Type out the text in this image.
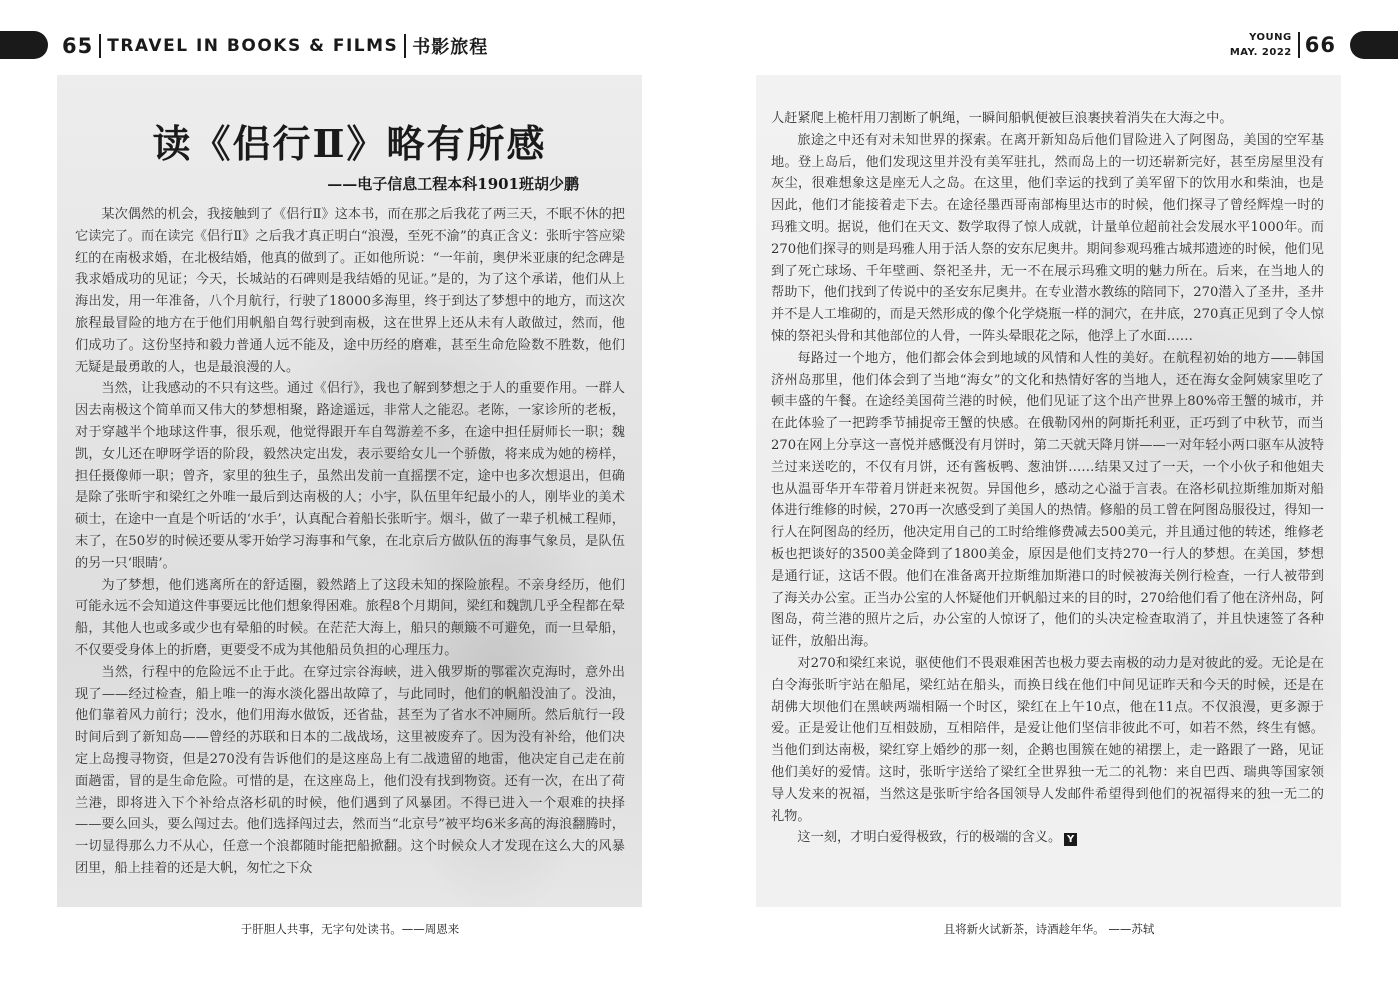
65 TRAVEL IN BOOKS & FILMS 书影旅程	YOUNG
MAY. 2022 66
读《侣行Ⅱ》略有所感
——电子信息工程本科1901班胡少鹏

某次偶然的机会，我接触到了《侣行Ⅱ》这本书，而在那之后我花了两三天，不眠不休的把它读完了。而在读完《侣行Ⅱ》之后我才真正明白“浪漫，至死不渝”的真正含义：张昕宇答应梁红的在南极求婚，在北极结婚，他真的做到了。正如他所说：“一年前，奥伊米亚康的纪念碑是我求婚成功的见证；今天，长城站的石碑则是我结婚的见证。”是的，为了这个承诺，他们从上海出发，用一年准备，八个月航行，行驶了18000多海里，终于到达了梦想中的地方，而这次旅程最冒险的地方在于他们用帆船自驾行驶到南极，这在世界上还从未有人敢做过，然而，他们成功了。这份坚持和毅力普通人远不能及，途中历经的磨难，甚至生命危险数不胜数，他们无疑是最勇敢的人，也是最浪漫的人。

当然，让我感动的不只有这些。通过《侣行》，我也了解到梦想之于人的重要作用。一群人因去南极这个简单而又伟大的梦想相聚，路途遥远，非常人之能忍。老陈，一家诊所的老板，对于穿越半个地球这件事，很乐观，他觉得跟开车自驾游差不多，在途中担任厨师长一职；魏凯，女儿还在咿呀学语的阶段，毅然决定出发，表示要给女儿一个骄傲，将来成为她的榜样，担任摄像师一职；曾齐，家里的独生子，虽然出发前一直摇摆不定，途中也多次想退出，但确是除了张昕宇和梁红之外唯一最后到达南极的人；小宇，队伍里年纪最小的人，刚毕业的美术硕士，在途中一直是个听话的‘水手’，认真配合着船长张昕宇。烟斗，做了一辈子机械工程师，末了，在50岁的时候还要从零开始学习海事和气象，在北京后方做队伍的海事气象员，是队伍的另一只‘眼睛’。

为了梦想，他们逃离所在的舒适圈，毅然踏上了这段未知的探险旅程。不亲身经历，他们可能永远不会知道这件事要远比他们想象得困难。旅程8个月期间，梁红和魏凯几乎全程都在晕船，其他人也或多或少也有晕船的时候。在茫茫大海上，船只的颠簸不可避免，而一旦晕船，不仅要受身体上的折磨，更要受不成为其他船员负担的心理压力。

当然，行程中的危险远不止于此。在穿过宗谷海峡，进入俄罗斯的鄂霍次克海时，意外出现了——经过检查，船上唯一的海水淡化器出故障了，与此同时，他们的帆船没油了。没油，他们靠着风力前行；没水，他们用海水做饭，还省盐，甚至为了省水不冲厕所。然后航行一段时间后到了新知岛——曾经的苏联和日本的二战战场，这里被废弃了。因为没有补给，他们决定上岛搜寻物资，但是270没有告诉他们的是这座岛上有二战遗留的地雷，他决定自己走在前面趟雷，冒的是生命危险。可惜的是，在这座岛上，他们没有找到物资。还有一次，在出了荷兰港，即将进入下个补给点洛杉矶的时候，他们遇到了风暴团。不得已进入一个艰难的抉择——要么回头，要么闯过去。他们选择闯过去，然而当“北京号”被平均6米多高的海浪翻腾时，一切显得那么力不从心，任意一个浪都随时能把船掀翻。这个时候众人才发现在这么大的风暴团里，船上挂着的还是大帆，匆忙之下众

人赶紧爬上桅杆用刀割断了帆绳，一瞬间船帆便被巨浪裹挟着消失在大海之中。

旅途之中还有对未知世界的探索。在离开新知岛后他们冒险进入了阿图岛，美国的空军基地。登上岛后，他们发现这里并没有美军驻扎，然而岛上的一切还崭新完好，甚至房屋里没有灰尘，很难想象这是座无人之岛。在这里，他们幸运的找到了美军留下的饮用水和柴油，也是因此，他们才能接着走下去。在途径墨西哥南部梅里达市的时候，他们探寻了曾经辉煌一时的玛雅文明。据说，他们在天文、数学取得了惊人成就，计量单位超前社会发展水平1000年。而270他们探寻的则是玛雅人用于活人祭的安东尼奥井。期间参观玛雅古城邦遗迹的时候，他们见到了死亡球场、千年壁画、祭祀圣井，无一不在展示玛雅文明的魅力所在。后来，在当地人的帮助下，他们找到了传说中的圣安东尼奥井。在专业潜水教练的陪同下，270潜入了圣井，圣井并不是人工堆砌的，而是天然形成的像个化学烧瓶一样的洞穴，在井底，270真正见到了令人惊悚的祭祀头骨和其他部位的人骨，一阵头晕眼花之际，他浮上了水面……

每路过一个地方，他们都会体会到地域的风情和人性的美好。在航程初始的地方——韩国济州岛那里，他们体会到了当地“海女”的文化和热情好客的当地人，还在海女金阿姨家里吃了顿丰盛的午餐。在途经美国荷兰港的时候，他们见证了这个出产世界上80%帝王蟹的城市，并在此体验了一把跨季节捕捉帝王蟹的快感。在俄勒冈州的阿斯托利亚，正巧到了中秋节，而当270在网上分享这一喜悦并感慨没有月饼时，第二天就天降月饼——一对年轻小两口驱车从波特兰过来送吃的，不仅有月饼，还有酱板鸭、葱油饼……结果又过了一天，一个小伙子和他姐夫也从温哥华开车带着月饼赶来祝贺。异国他乡，感动之心溢于言表。在洛杉矶拉斯维加斯对船体进行维修的时候，270再一次感受到了美国人的热情。修船的员工曾在阿图岛服役过，得知一行人在阿图岛的经历，他决定用自己的工时给维修费减去500美元，并且通过他的转述，维修老板也把谈好的3500美金降到了1800美金，原因是他们支持270一行人的梦想。在美国，梦想是通行证，这话不假。他们在准备离开拉斯维加斯港口的时候被海关例行检查，一行人被带到了海关办公室。正当办公室的人怀疑他们开帆船过来的目的时，270给他们看了他在济州岛，阿图岛，荷兰港的照片之后，办公室的人惊讶了，他们的头决定检查取消了，并且快速签了各种证件，放船出海。

对270和梁红来说，驱使他们不畏艰难困苦也极力要去南极的动力是对彼此的爱。无论是在白令海张昕宇站在船尾，梁红站在船头，而换日线在他们中间见证昨天和今天的时候，还是在胡佛大坝他们在黑峡两端相隔一个时区，梁红在上午10点，他在11点。不仅浪漫，更多源于爱。正是爱让他们互相鼓励，互相陪伴，是爱让他们坚信非彼此不可，如若不然，终生有憾。当他们到达南极，梁红穿上婚纱的那一刻，企鹅也围簇在她的裙摆上，走一路跟了一路，见证他们美好的爱情。这时，张昕宇送给了梁红全世界独一无二的礼物：来自巴西、瑞典等国家领导人发来的祝福，当然这是张昕宇给各国领导人发邮件希望得到他们的祝福得来的独一无二的礼物。

这一刻，才明白爱得极致，行的极端的含义。 Y

于肝胆人共事，无字句处读书。——周恩来	且将新火试新茶，诗酒趁年华。 ——苏轼
